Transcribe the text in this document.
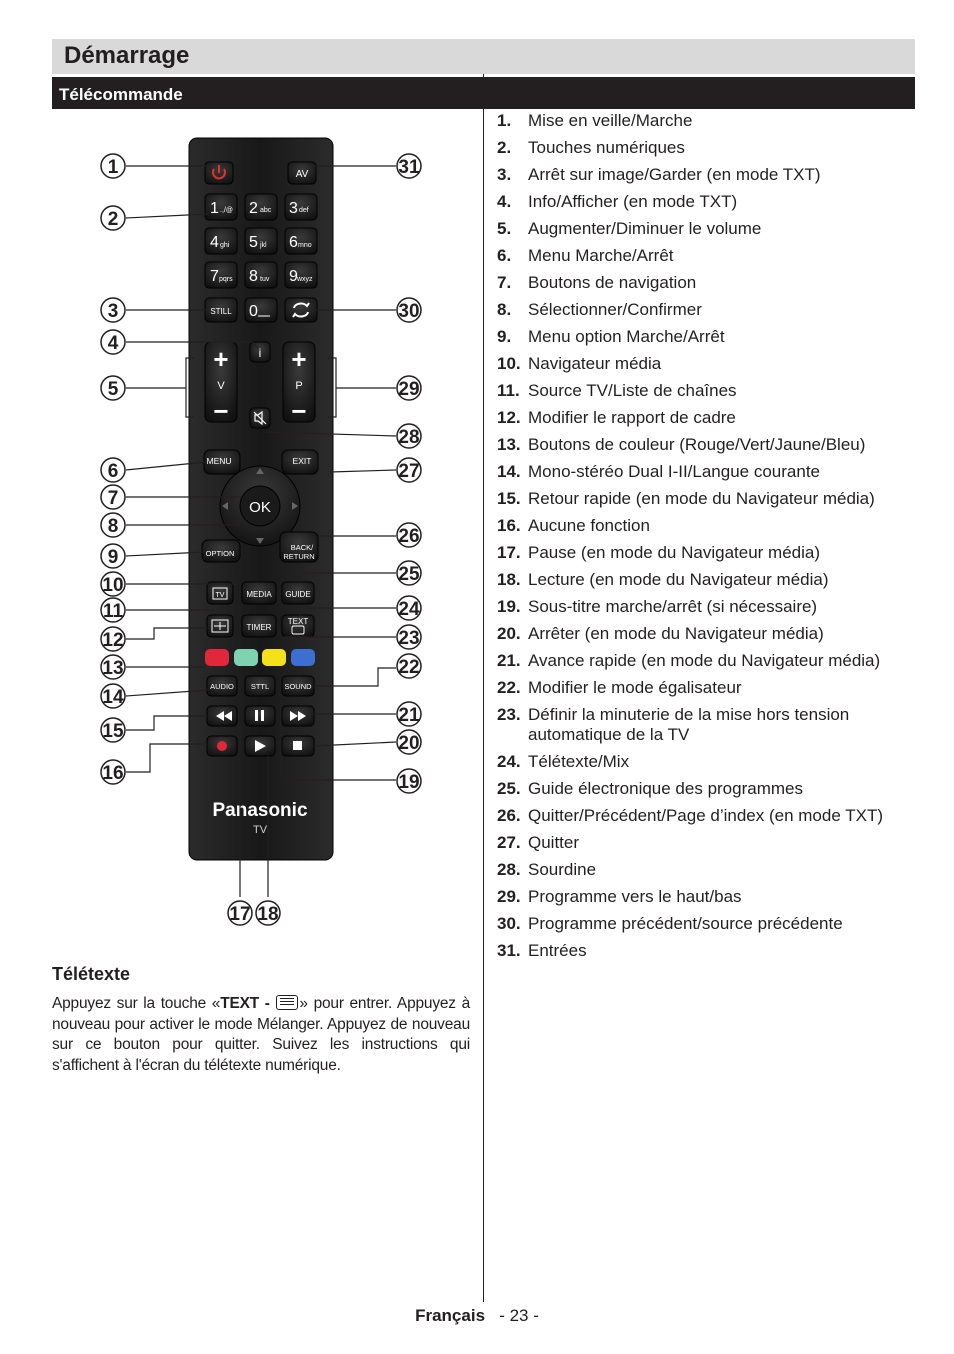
Démarrage
Télécommande
AV
1 .,/@ 2 abc 3 def
4 ghi 5 jkl 6 mno
7 pqrs 8 tuv 9 wxyz
STILL 0
i
+
V
−
+
P
−
MENU	EXIT
OK
OPTION
BACK/
RETURN
TV	MEDIA GUIDE
TIMER
TEXT
AUDIO STTL SOUND
Panasonic
TV
1
2
3
4
5
6
7
8
9
10
11
12
13
14
15
16
17 18
19
20
21
22
23
24
25
26
27
28
29
30
31
1. Mise en veille/Marche
2. Touches numériques
3. Arrêt sur image/Garder (en mode TXT)
4. Info/Afficher (en mode TXT)
5. Augmenter/Diminuer le volume
6. Menu Marche/Arrêt
7. Boutons de navigation
8. Sélectionner/Confirmer
9. Menu option Marche/Arrêt
10. Navigateur média
11. Source TV/Liste de chaînes
12. Modifier le rapport de cadre
13. Boutons de couleur (Rouge/Vert/Jaune/Bleu)
14. Mono-stéréo Dual I-II/Langue courante
15. Retour rapide (en mode du Navigateur média)
16. Aucune fonction
17. Pause (en mode du Navigateur média)
18. Lecture (en mode du Navigateur média)
19. Sous-titre marche/arrêt (si nécessaire)
20. Arrêter (en mode du Navigateur média)
21. Avance rapide (en mode du Navigateur média)
22. Modifier le mode égalisateur
23. Définir la minuterie de la mise hors tension automatique de la TV
24. Télétexte/Mix
25. Guide électronique des programmes
26. Quitter/Précédent/Page d’index (en mode TXT)
27. Quitter
28. Sourdine
29. Programme vers le haut/bas
30. Programme précédent/source précédente
31. Entrées
Télétexte
Appuyez sur la touche «TEXT - » pour entrer. Appuyez à nouveau pour activer le mode Mélanger. Appuyez de nouveau sur ce bouton pour quitter. Suivez les instructions qui s'affichent à l'écran du télétexte numérique.
Français - 23 -
